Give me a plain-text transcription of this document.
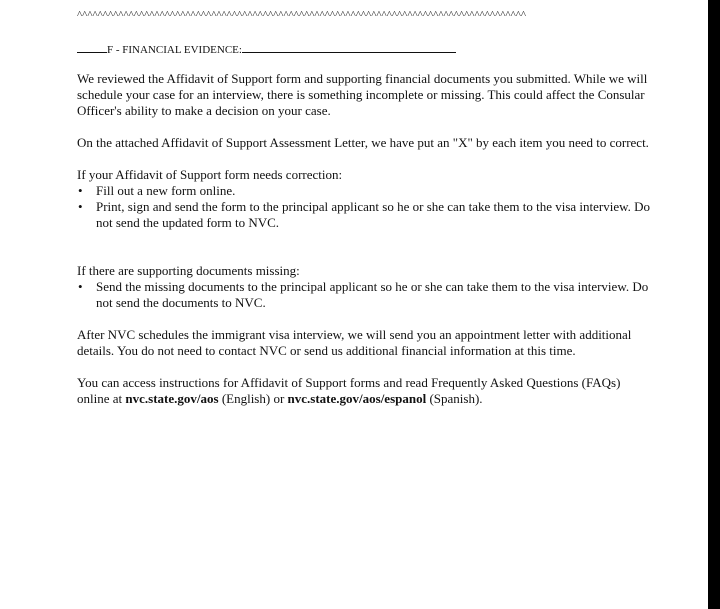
^^^^^^^^^^^^^^^^^^^^^^^^^^^^^^^^^^^^^^^^^^^^^^^^^^^^^^^^^^^^^^^^^^^^^^^^^^^^^^^^^^^^^^^
F - FINANCIAL EVIDENCE:

We reviewed the Affidavit of Support form and supporting financial documents you submitted. While we will schedule your case for an interview, there is something incomplete or missing. This could affect the Consular Officer's ability to make a decision on your case.

On the attached Affidavit of Support Assessment Letter, we have put an "X" by each item you need to correct.

If your Affidavit of Support form needs correction:

• Fill out a new form online.
• Print, sign and send the form to the principal applicant so he or she can take them to the visa interview. Do not send the updated form to NVC.

If there are supporting documents missing:

• Send the missing documents to the principal applicant so he or she can take them to the visa interview. Do not send the documents to NVC.

After NVC schedules the immigrant visa interview, we will send you an appointment letter with additional details. You do not need to contact NVC or send us additional financial information at this time.

You can access instructions for Affidavit of Support forms and read Frequently Asked Questions (FAQs) online at nvc.state.gov/aos (English) or nvc.state.gov/aos/espanol (Spanish).
